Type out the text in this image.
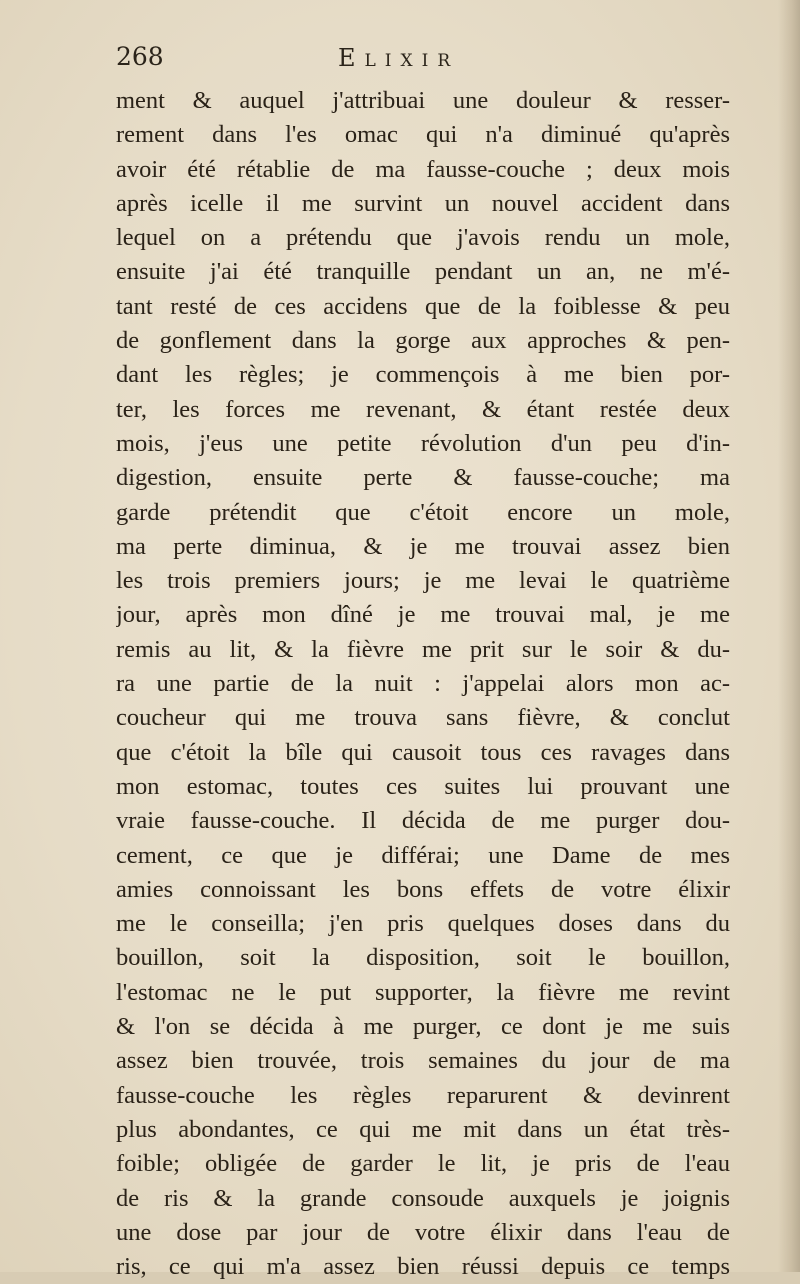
268	Elixir
ment & auquel j'attribuai une douleur & resser-
rement dans l'es omac qui n'a diminué qu'après
avoir été rétablie de ma fausse-couche ; deux mois
après icelle il me survint un nouvel accident dans
lequel on a prétendu que j'avois rendu un mole,
ensuite j'ai été tranquille pendant un an, ne m'é-
tant resté de ces accidens que de la foiblesse & peu
de gonflement dans la gorge aux approches & pen-
dant les règles; je commençois à me bien por-
ter, les forces me revenant, & étant restée deux
mois, j'eus une petite révolution d'un peu d'in-
digestion, ensuite perte & fausse-couche; ma
garde prétendit que c'étoit encore un mole,
ma perte diminua, & je me trouvai assez bien
les trois premiers jours; je me levai le quatrième
jour, après mon dîné je me trouvai mal, je me
remis au lit, & la fièvre me prit sur le soir & du-
ra une partie de la nuit : j'appelai alors mon ac-
coucheur qui me trouva sans fièvre, & conclut
que c'étoit la bîle qui causoit tous ces ravages dans
mon estomac, toutes ces suites lui prouvant une
vraie fausse-couche. Il décida de me purger dou-
cement, ce que je différai; une Dame de mes
amies connoissant les bons effets de votre élixir
me le conseilla; j'en pris quelques doses dans du
bouillon, soit la disposition, soit le bouillon,
l'estomac ne le put supporter, la fièvre me revint
& l'on se décida à me purger, ce dont je me suis
assez bien trouvée, trois semaines du jour de ma
fausse-couche les règles reparurent & devinrent
plus abondantes, ce qui me mit dans un état très-
foible; obligée de garder le lit, je pris de l'eau
de ris & la grande consoude auxquels je joignis
une dose par jour de votre élixir dans l'eau de
ris, ce qui m'a assez bien réussi depuis ce temps
